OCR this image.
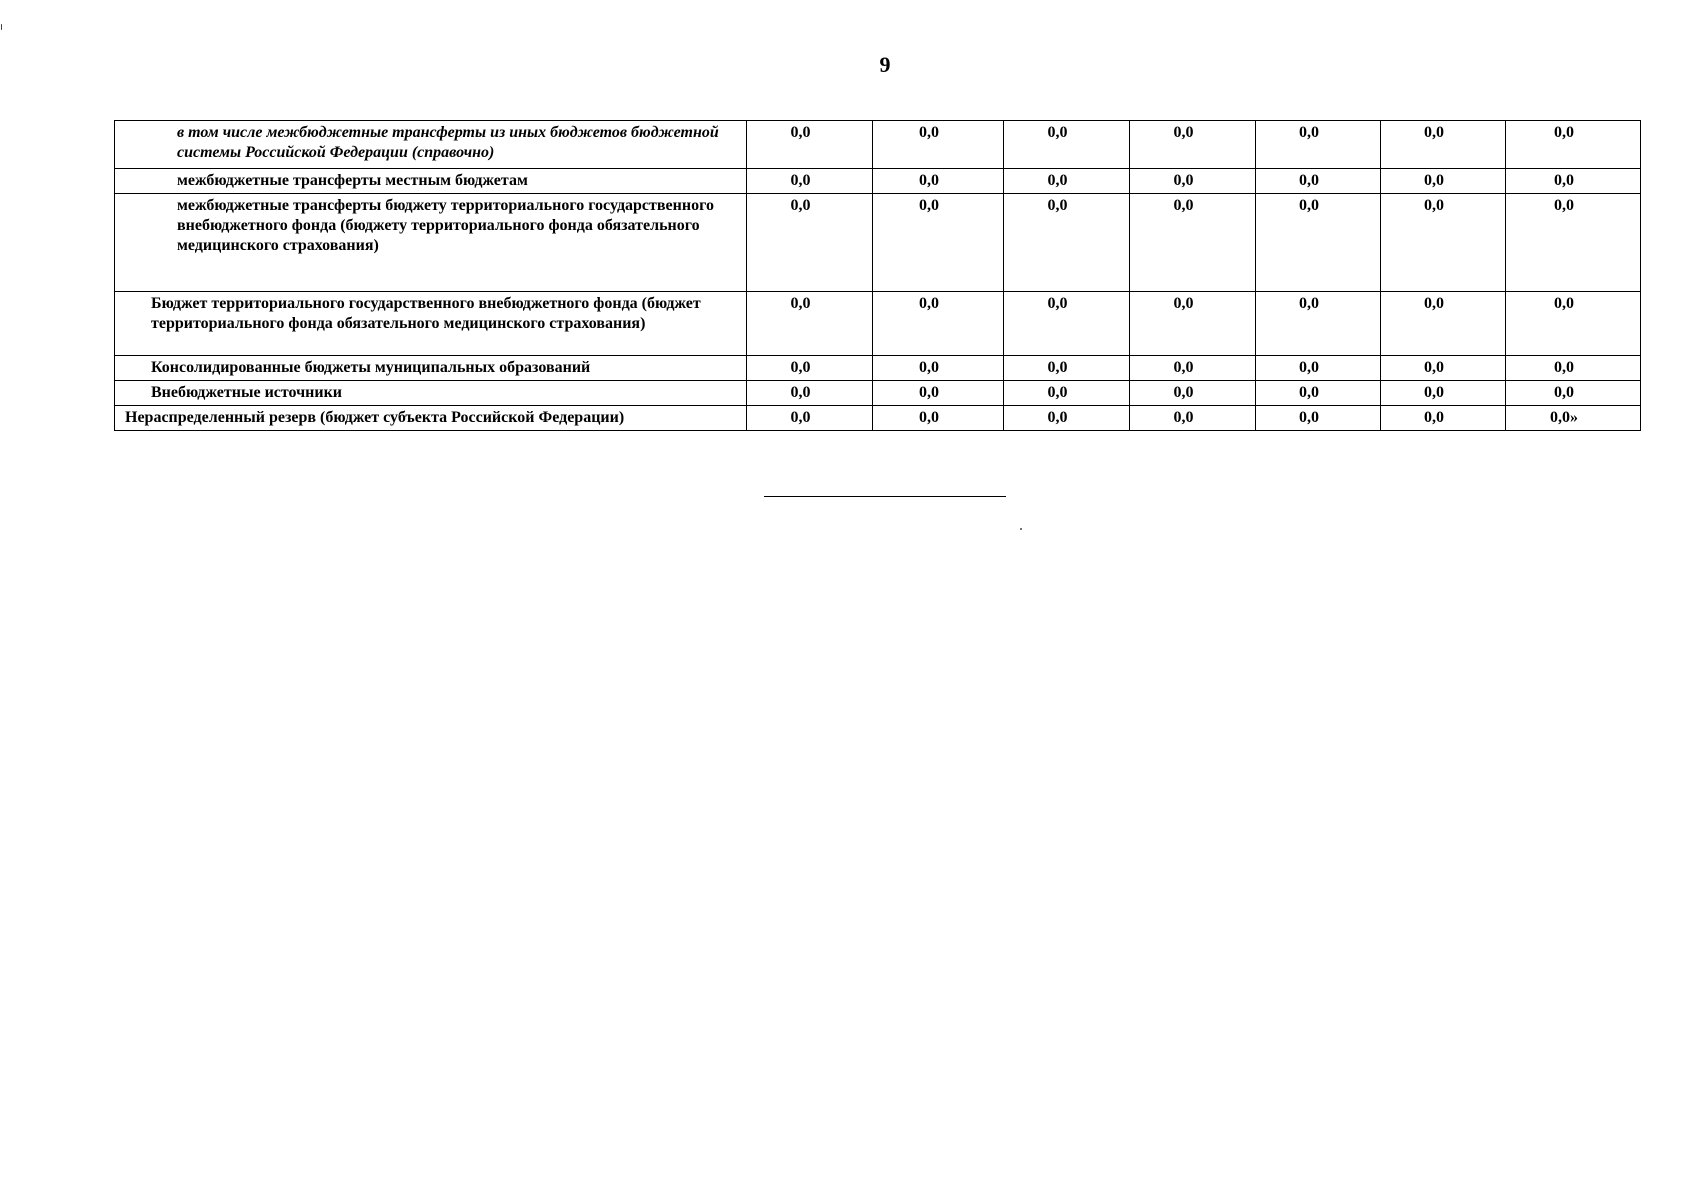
9
в том числе межбюджетные трансферты из иных бюджетов бюджетной системы Российской Федерации (справочно)	0,0	0,0	0,0	0,0	0,0	0,0	0,0
межбюджетные трансферты местным бюджетам	0,0	0,0	0,0	0,0	0,0	0,0	0,0
межбюджетные трансферты бюджету территориального государственного внебюджетного фонда (бюджету территориального фонда обязательного медицинского страхования)	0,0	0,0	0,0	0,0	0,0	0,0	0,0
Бюджет территориального государственного внебюджетного фонда (бюджет территориального фонда обязательного медицинского страхования)	0,0	0,0	0,0	0,0	0,0	0,0	0,0
Консолидированные бюджеты муниципальных образований	0,0	0,0	0,0	0,0	0,0	0,0	0,0
Внебюджетные источники	0,0	0,0	0,0	0,0	0,0	0,0	0,0
Нераспределенный резерв (бюджет субъекта Российской Федерации)	0,0	0,0	0,0	0,0	0,0	0,0	0,0»
